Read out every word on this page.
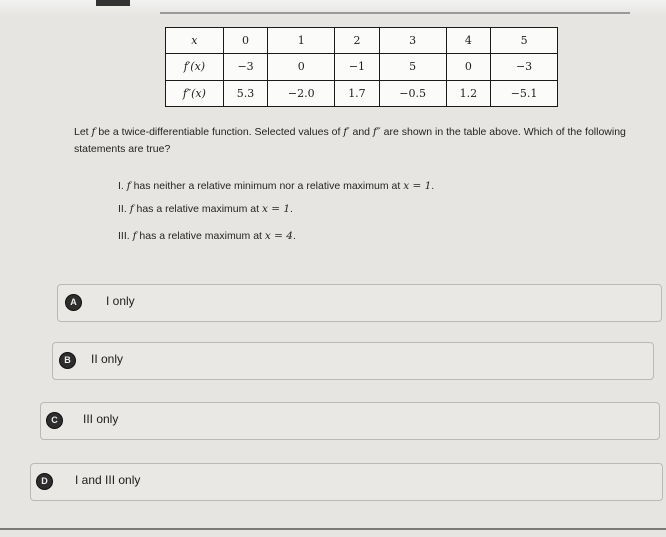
x	0	1	2	3	4	5
f′(x)	−3	0	−1	5	0	−3
f″(x)	5.3	−2.0	1.7	−0.5	1.2	−5.1
Let f be a twice-differentiable function. Selected values of f′ and f″ are shown in the table above. Which of the following statements are true?
I. f has neither a relative minimum nor a relative maximum at x = 1.
II. f has a relative maximum at x = 1.
III. f has a relative maximum at x = 4.
A	I only
B	II only
C	III only
D	I and III only
